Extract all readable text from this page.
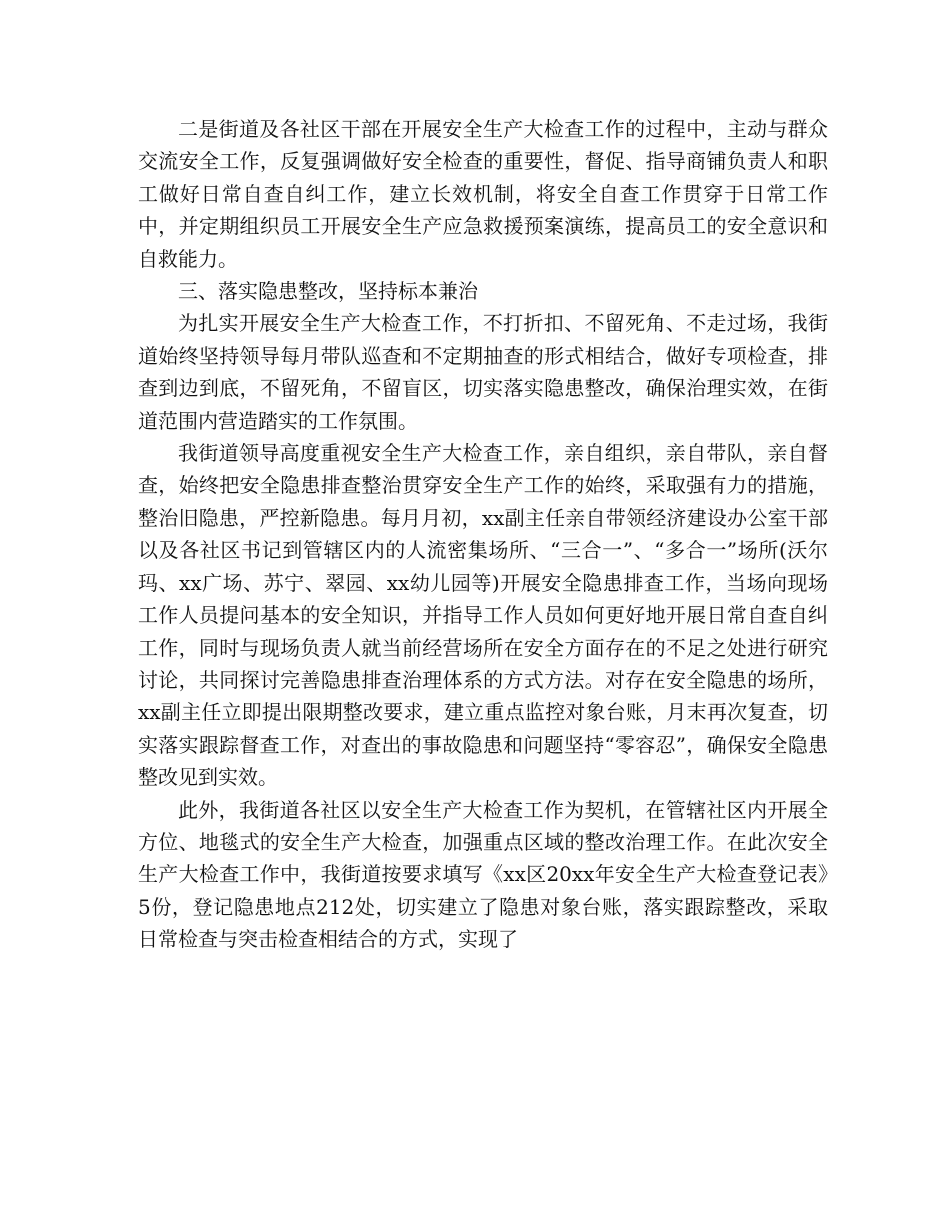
二是街道及各社区干部在开展安全生产大检查工作的过程中，主动与群众交流安全工作，反复强调做好安全检查的重要性，督促、指导商铺负责人和职工做好日常自查自纠工作，建立长效机制，将安全自查工作贯穿于日常工作中，并定期组织员工开展安全生产应急救援预案演练，提高员工的安全意识和自救能力。

三、落实隐患整改，坚持标本兼治

为扎实开展安全生产大检查工作，不打折扣、不留死角、不走过场，我街道始终坚持领导每月带队巡查和不定期抽查的形式相结合，做好专项检查，排查到边到底，不留死角，不留盲区，切实落实隐患整改，确保治理实效，在街道范围内营造踏实的工作氛围。

我街道领导高度重视安全生产大检查工作，亲自组织，亲自带队，亲自督查，始终把安全隐患排查整治贯穿安全生产工作的始终，采取强有力的措施，整治旧隐患，严控新隐患。每月月初，xx副主任亲自带领经济建设办公室干部以及各社区书记到管辖区内的人流密集场所、“三合一”、“多合一”场所(沃尔玛、xx广场、苏宁、翠园、xx幼儿园等)开展安全隐患排查工作，当场向现场工作人员提问基本的安全知识，并指导工作人员如何更好地开展日常自查自纠工作，同时与现场负责人就当前经营场所在安全方面存在的不足之处进行研究讨论，共同探讨完善隐患排查治理体系的方式方法。对存在安全隐患的场所，xx副主任立即提出限期整改要求，建立重点监控对象台账，月末再次复查，切实落实跟踪督查工作，对查出的事故隐患和问题坚持“零容忍”，确保安全隐患整改见到实效。

此外，我街道各社区以安全生产大检查工作为契机，在管辖社区内开展全方位、地毯式的安全生产大检查，加强重点区域的整改治理工作。在此次安全生产大检查工作中，我街道按要求填写《xx区20xx年安全生产大检查登记表》5份，登记隐患地点212处，切实建立了隐患对象台账，落实跟踪整改，采取日常检查与突击检查相结合的方式，实现了
